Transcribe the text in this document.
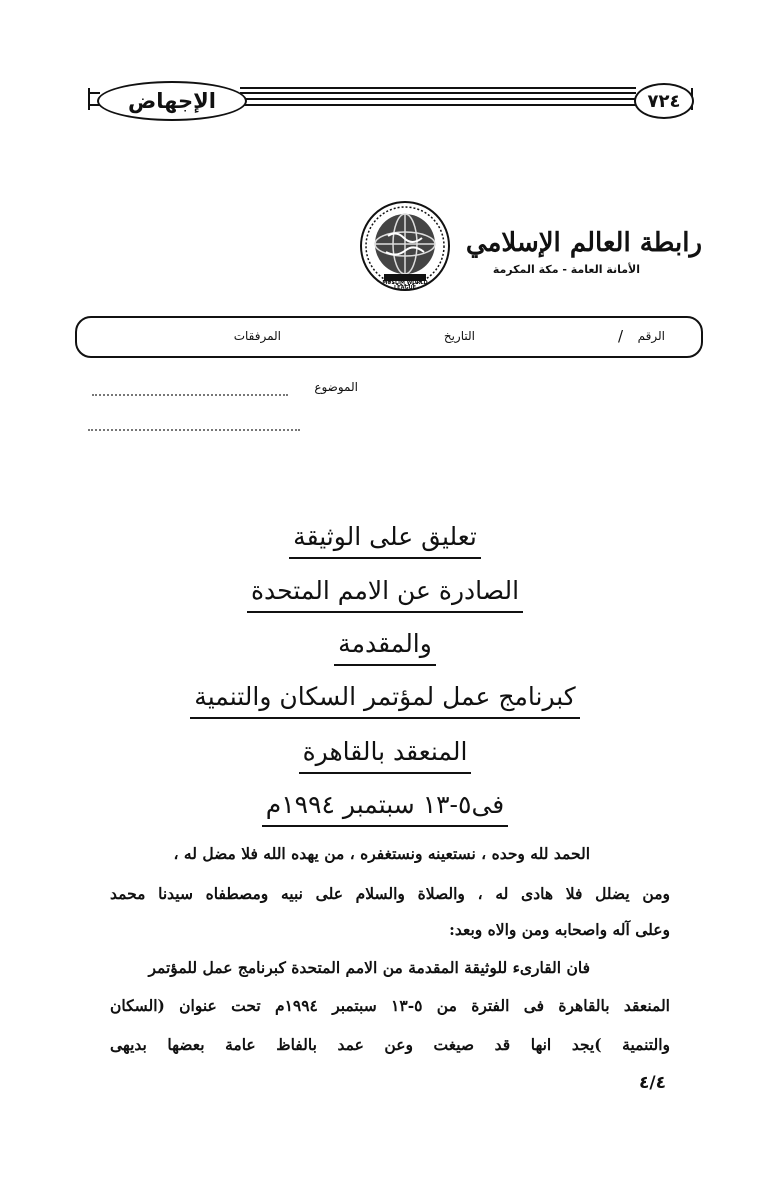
الإجهاض	٧٢٤
MUSLIM WORLD LEAGUE
رابطة العالم الإسلامي
الأمانة العامة - مكة المكرمة
الرقم
/
التاريخ
المرفقات
الموضوع
تعليق على الوثيقة
الصادرة عن الامم المتحدة
والمقدمة
كبرنامج عمل لمؤتمر السكان والتنمية
المنعقد بالقاهرة
فى٥-١٣ سبتمبر ١٩٩٤م
الحمد لله وحده ، نستعينه ونستغفره ، من يهده الله فلا مضل له ،
ومن يضلل فلا هادى له ، والصلاة والسلام على نبيه ومصطفاه سيدنا محمد
وعلى آله واصحابه ومن والاه وبعد:
فان القارىء للوثيقة المقدمة من الامم المتحدة كبرنامج عمل للمؤتمر
المنعقد بالقاهرة فى الفترة من ٥-١٣ سبتمبر ١٩٩٤م تحت عنوان (السكان
والتنمية )يجد انها قد صيغت وعن عمد بالفاظ عامة بعضها بديهى
٤/٤
